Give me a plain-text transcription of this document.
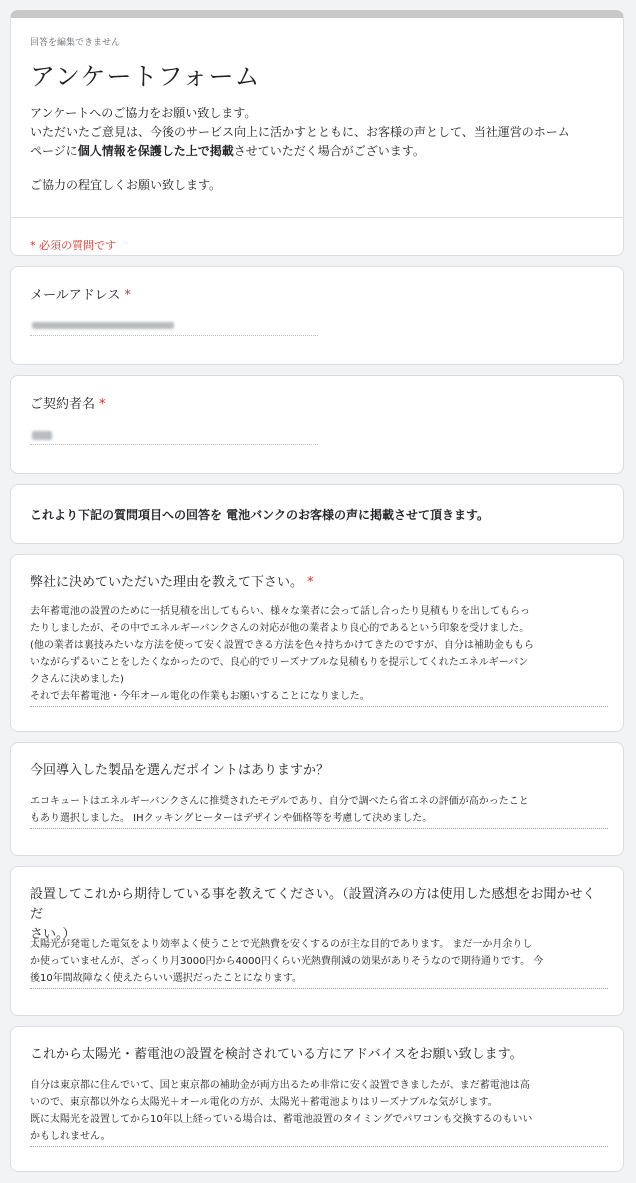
回答を編集できません
アンケートフォーム
アンケートへのご協力をお願い致します。
いただいたご意見は、今後のサービス向上に活かすとともに、お客様の声として、当社運営のホーム
ページに個人情報を保護した上で掲載させていただく場合がございます。
ご協力の程宜しくお願い致します。
* 必須の質問です
メールアドレス *
ご契約者名 *
これより下記の質問項目への回答を 電池バンクのお客様の声に掲載させて頂きます。
弊社に決めていただいた理由を教えて下さい。 *
去年蓄電池の設置のために一括見積を出してもらい、様々な業者に会って話し合ったり見積もりを出してもらっ
たりしましたが、その中でエネルギーバンクさんの対応が他の業者より良心的であるという印象を受けました。
(他の業者は裏技みたいな方法を使って安く設置できる方法を色々持ちかけてきたのですが、自分は補助金ももら
いながらずるいことをしたくなかったので、良心的でリーズナブルな見積もりを提示してくれたエネルギーバン
クさんに決めました)
それで去年蓄電池・今年オール電化の作業もお願いすることになりました。
今回導入した製品を選んだポイントはありますか？
エコキュートはエネルギーバンクさんに推奨されたモデルであり、自分で調べたら省エネの評価が高かったこと
もあり選択しました。 IHクッキングヒーターはデザインや価格等を考慮して決めました。
設置してこれから期待している事を教えてください。（設置済みの方は使用した感想をお聞かせくだ
さい。）
太陽光が発電した電気をより効率よく使うことで光熱費を安くするのが主な目的であります。 まだ一か月余りし
か使っていませんが、ざっくり月3000円から4000円くらい光熱費削減の効果がありそうなので期待通りです。 今
後10年間故障なく使えたらいい選択だったことになります。
これから太陽光・蓄電池の設置を検討されている方にアドバイスをお願い致します。
自分は東京都に住んでいて、国と東京都の補助金が両方出るため非常に安く設置できましたが、まだ蓄電池は高
いので、東京都以外なら太陽光＋オール電化の方が、太陽光＋蓄電池よりはリーズナブルな気がします。
既に太陽光を設置してから10年以上経っている場合は、蓄電池設置のタイミングでパワコンも交換するのもいい
かもしれません。
